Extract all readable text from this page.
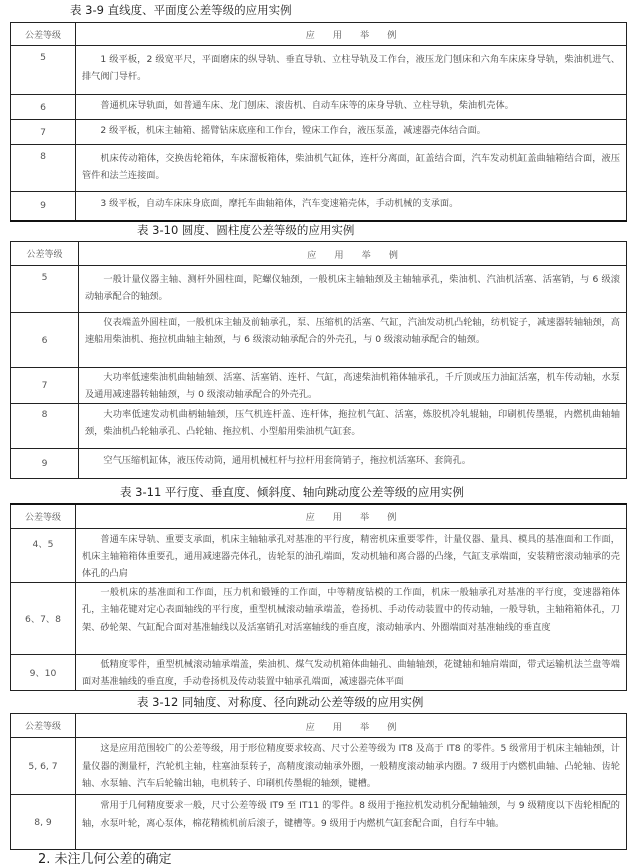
表 3-9 直线度、平面度公差等级的应用实例
公差等级	应 用 举 例
5	1 级平板，2 级宽平尺，平面磨床的纵导轨、垂直导轨、立柱导轨及工作台，液压龙门刨床和六角车床床身导轨，柴油机进气、排气阀门导杆。
6	普通机床导轨面，如普通车床、龙门刨床、滚齿机、自动车床等的床身导轨、立柱导轨，柴油机壳体。
7	2 级平板，机床主轴箱、摇臂钻床底座和工作台，镗床工作台，液压泵盖，减速器壳体结合面。
8	机床传动箱体，交换齿轮箱体，车床溜板箱体，柴油机气缸体，连杆分离面，缸盖结合面，汽车发动机缸盖曲轴箱结合面，液压管件和法兰连接面。
9	3 级平板，自动车床床身底面，摩托车曲轴箱体，汽车变速箱壳体，手动机械的支承面。
表 3-10 圆度、圆柱度公差等级的应用实例
公差等级	应 用 举 例
5	一般计量仪器主轴、测杆外圆柱面，陀螺仪轴颈，一般机床主轴轴颈及主轴轴承孔，柴油机、汽油机活塞、活塞销，与 6 级滚动轴承配合的轴颈。
6	仪表端盖外圆柱面，一般机床主轴及前轴承孔，泵、压缩机的活塞、气缸，汽油发动机凸轮轴，纺机锭子，减速器转轴轴颈，高速船用柴油机、拖拉机曲轴主轴颈，与 6 级滚动轴承配合的外壳孔，与 0 级滚动轴承配合的轴颈。
7	大功率低速柴油机曲轴轴颈、活塞、活塞销、连杆、气缸，高速柴油机箱体轴承孔，千斤顶或压力油缸活塞，机车传动轴，水泵及通用减速器转轴轴颈，与 0 级滚动轴承配合的外壳孔。
8	大功率低速发动机曲柄轴轴颈，压气机连杆盖、连杆体，拖拉机气缸、活塞，炼胶机冷轧辊轴，印刷机传墨辊，内燃机曲轴轴颈，柴油机凸轮轴承孔、凸轮轴、拖拉机、小型船用柴油机气缸套。
9	空气压缩机缸体，液压传动筒，通用机械杠杆与拉杆用套筒销子，拖拉机活塞环、套筒孔。
表 3-11 平行度、垂直度、倾斜度、轴向跳动度公差等级的应用实例
公差等级	应 用 举 例
4、5	普通车床导轨、重要支承面，机床主轴轴承孔对基准的平行度，精密机床重要零件，计量仪器、量具、模具的基准面和工作面，机床主轴箱箱体重要孔，通用减速器壳体孔，齿轮泵的油孔端面，发动机轴和离合器的凸缘，气缸支承端面，安装精密滚动轴承的壳体孔的凸肩
6、7、8	一般机床的基准面和工作面，压力机和锻锤的工作面，中等精度钻模的工作面，机床一般轴承孔对基准的平行度，变速器箱体孔，主轴花键对定心表面轴线的平行度，重型机械滚动轴承端盖，卷扬机、手动传动装置中的传动轴，一般导轨，主轴箱箱体孔，刀架、砂轮架、气缸配合面对基准轴线以及活塞销孔对活塞轴线的垂直度，滚动轴承内、外圈端面对基准轴线的垂直度
9、10	低精度零件，重型机械滚动轴承端盖，柴油机、煤气发动机箱体曲轴孔、曲轴轴颈，花键轴和轴肩端面，带式运输机法兰盘等端面对基准轴线的垂直度，手动卷扬机及传动装置中轴承孔端面，减速器壳体平面
表 3-12 同轴度、对称度、径向跳动公差等级的应用实例
公差等级	应 用 举 例
5, 6, 7	这是应用范围较广的公差等级，用于形位精度要求较高、尺寸公差等级为 IT8 及高于 IT8 的零件。5 级常用于机床主轴轴颈，计量仪器的测量杆，汽轮机主轴，柱塞油泵转子，高精度滚动轴承外圈，一般精度滚动轴承内圈。7 级用于内燃机曲轴、凸轮轴、齿轮轴、水泵轴、汽车后轮输出轴，电机转子、印刷机传墨辊的轴颈，键槽。
8, 9	常用于几何精度要求一般，尺寸公差等级 IT9 至 IT11 的零件。8 级用于拖拉机发动机分配轴轴颈，与 9 级精度以下齿轮相配的轴，水泵叶轮，离心泵体，棉花精梳机前后滚子，键槽等。9 级用于内燃机气缸套配合面，自行车中轴。
2. 未注几何公差的确定
